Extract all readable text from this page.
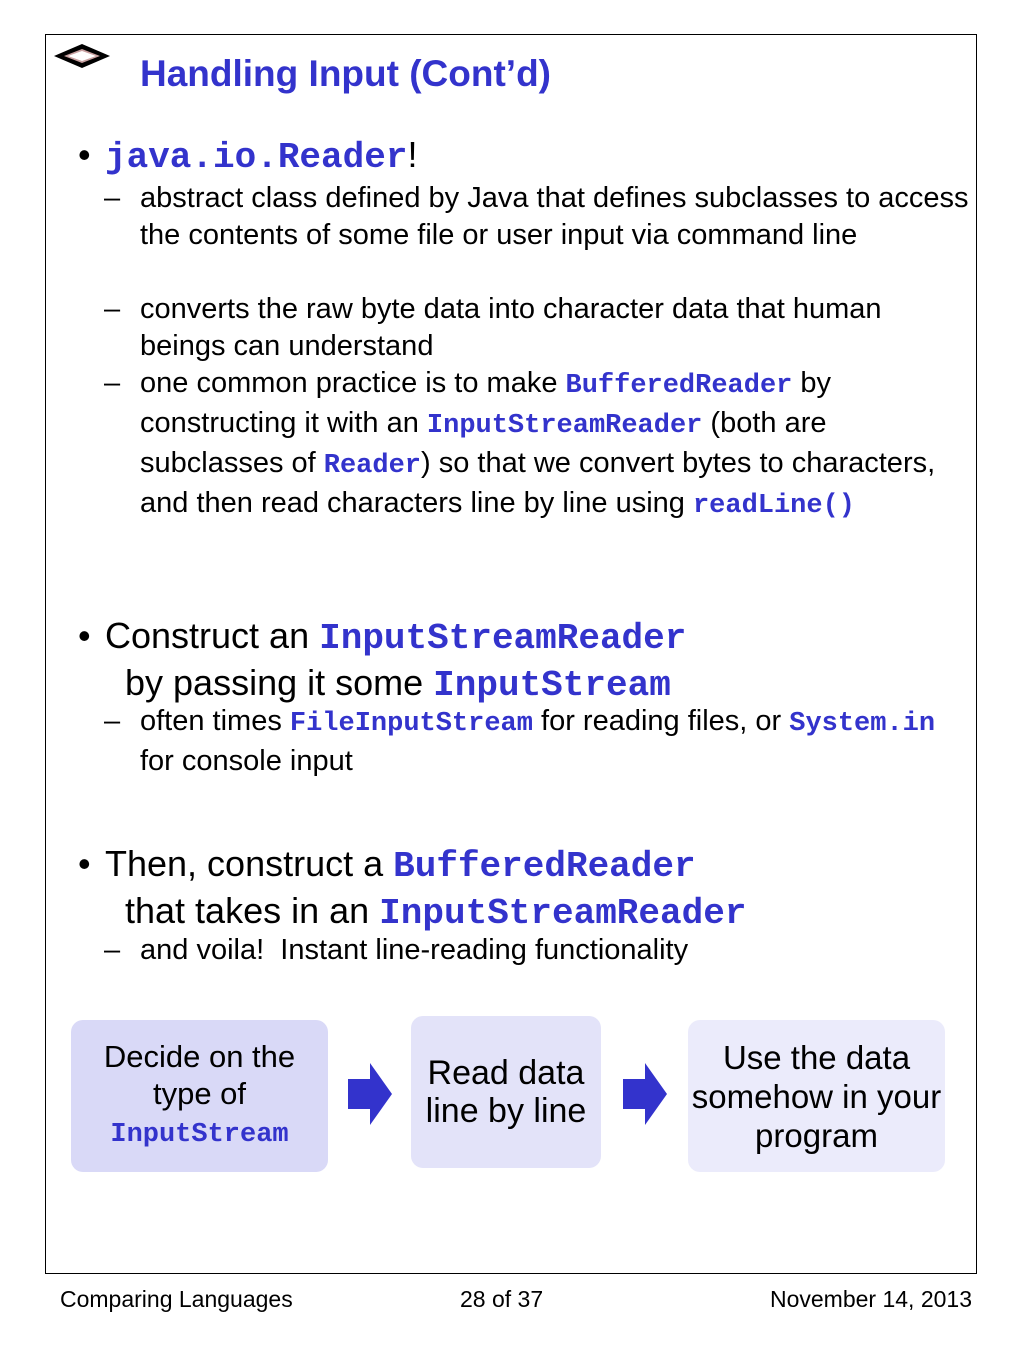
Handling Input (Cont’d)
• java.io.Reader!
– abstract class defined by Java that defines subclasses to access the contents of some file or user input via command line
– converts the raw byte data into character data that human beings can understand
– one common practice is to make BufferedReader by constructing it with an InputStreamReader (both are subclasses of Reader) so that we convert bytes to characters, and then read characters line by line using readLine()
• Construct an InputStreamReader  by passing it some InputStream
– often times FileInputStream for reading files, or System.in for console input
• Then, construct a BufferedReader  that takes in an InputStreamReader
– and voila!  Instant line-reading functionality
Decide on the type of
InputStream
Read data line by line
Use the data somehow in your program
Comparing Languages	28 of 37	November 14, 2013
